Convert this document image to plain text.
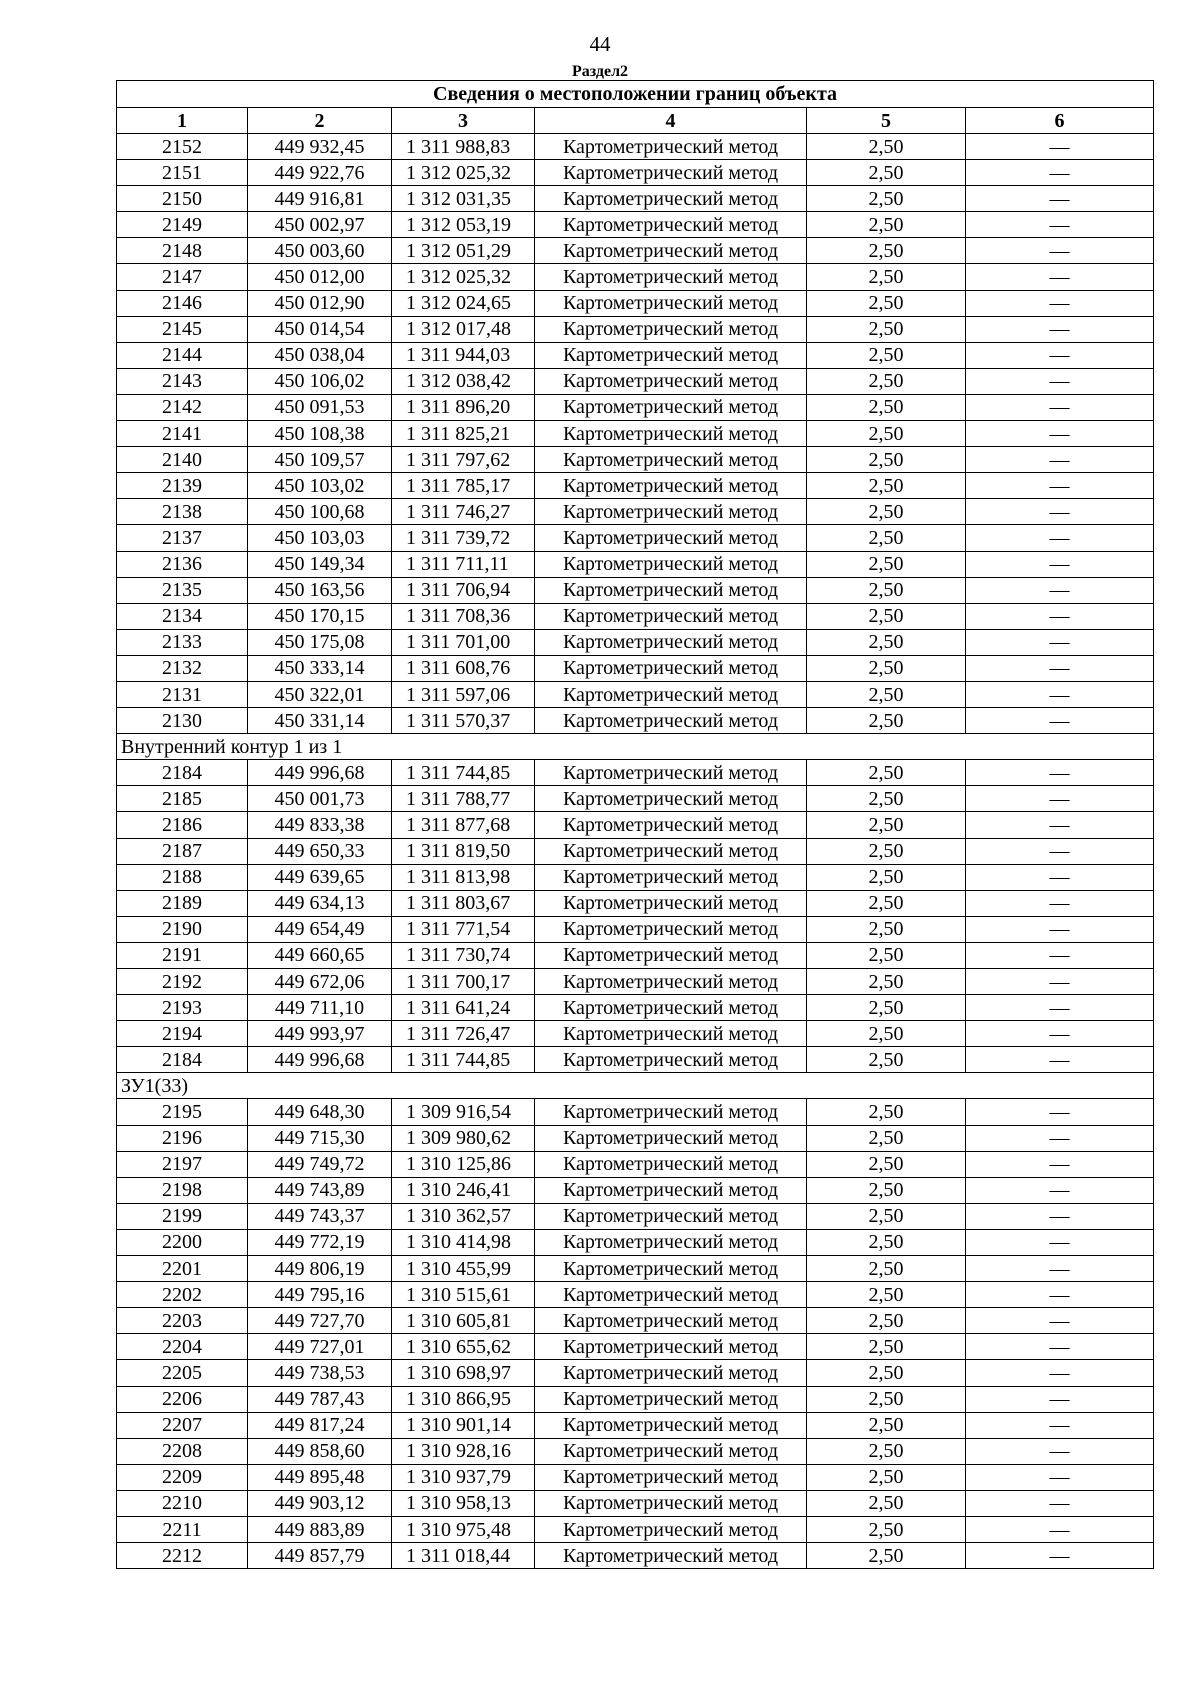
44
Раздел2
Сведения о местоположении границ объекта					
1	2	3	4	5	6
2152	449 932,45	1 311 988,83	Картометрический метод	2,50	—
2151	449 922,76	1 312 025,32	Картометрический метод	2,50	—
2150	449 916,81	1 312 031,35	Картометрический метод	2,50	—
2149	450 002,97	1 312 053,19	Картометрический метод	2,50	—
2148	450 003,60	1 312 051,29	Картометрический метод	2,50	—
2147	450 012,00	1 312 025,32	Картометрический метод	2,50	—
2146	450 012,90	1 312 024,65	Картометрический метод	2,50	—
2145	450 014,54	1 312 017,48	Картометрический метод	2,50	—
2144	450 038,04	1 311 944,03	Картометрический метод	2,50	—
2143	450 106,02	1 312 038,42	Картометрический метод	2,50	—
2142	450 091,53	1 311 896,20	Картометрический метод	2,50	—
2141	450 108,38	1 311 825,21	Картометрический метод	2,50	—
2140	450 109,57	1 311 797,62	Картометрический метод	2,50	—
2139	450 103,02	1 311 785,17	Картометрический метод	2,50	—
2138	450 100,68	1 311 746,27	Картометрический метод	2,50	—
2137	450 103,03	1 311 739,72	Картометрический метод	2,50	—
2136	450 149,34	1 311 711,11	Картометрический метод	2,50	—
2135	450 163,56	1 311 706,94	Картометрический метод	2,50	—
2134	450 170,15	1 311 708,36	Картометрический метод	2,50	—
2133	450 175,08	1 311 701,00	Картометрический метод	2,50	—
2132	450 333,14	1 311 608,76	Картометрический метод	2,50	—
2131	450 322,01	1 311 597,06	Картометрический метод	2,50	—
2130	450 331,14	1 311 570,37	Картометрический метод	2,50	—
Внутренний контур 1 из 1					
2184	449 996,68	1 311 744,85	Картометрический метод	2,50	—
2185	450 001,73	1 311 788,77	Картометрический метод	2,50	—
2186	449 833,38	1 311 877,68	Картометрический метод	2,50	—
2187	449 650,33	1 311 819,50	Картометрический метод	2,50	—
2188	449 639,65	1 311 813,98	Картометрический метод	2,50	—
2189	449 634,13	1 311 803,67	Картометрический метод	2,50	—
2190	449 654,49	1 311 771,54	Картометрический метод	2,50	—
2191	449 660,65	1 311 730,74	Картометрический метод	2,50	—
2192	449 672,06	1 311 700,17	Картометрический метод	2,50	—
2193	449 711,10	1 311 641,24	Картометрический метод	2,50	—
2194	449 993,97	1 311 726,47	Картометрический метод	2,50	—
2184	449 996,68	1 311 744,85	Картометрический метод	2,50	—
ЗУ1(33)					
2195	449 648,30	1 309 916,54	Картометрический метод	2,50	—
2196	449 715,30	1 309 980,62	Картометрический метод	2,50	—
2197	449 749,72	1 310 125,86	Картометрический метод	2,50	—
2198	449 743,89	1 310 246,41	Картометрический метод	2,50	—
2199	449 743,37	1 310 362,57	Картометрический метод	2,50	—
2200	449 772,19	1 310 414,98	Картометрический метод	2,50	—
2201	449 806,19	1 310 455,99	Картометрический метод	2,50	—
2202	449 795,16	1 310 515,61	Картометрический метод	2,50	—
2203	449 727,70	1 310 605,81	Картометрический метод	2,50	—
2204	449 727,01	1 310 655,62	Картометрический метод	2,50	—
2205	449 738,53	1 310 698,97	Картометрический метод	2,50	—
2206	449 787,43	1 310 866,95	Картометрический метод	2,50	—
2207	449 817,24	1 310 901,14	Картометрический метод	2,50	—
2208	449 858,60	1 310 928,16	Картометрический метод	2,50	—
2209	449 895,48	1 310 937,79	Картометрический метод	2,50	—
2210	449 903,12	1 310 958,13	Картометрический метод	2,50	—
2211	449 883,89	1 310 975,48	Картометрический метод	2,50	—
2212	449 857,79	1 311 018,44	Картометрический метод	2,50	—
